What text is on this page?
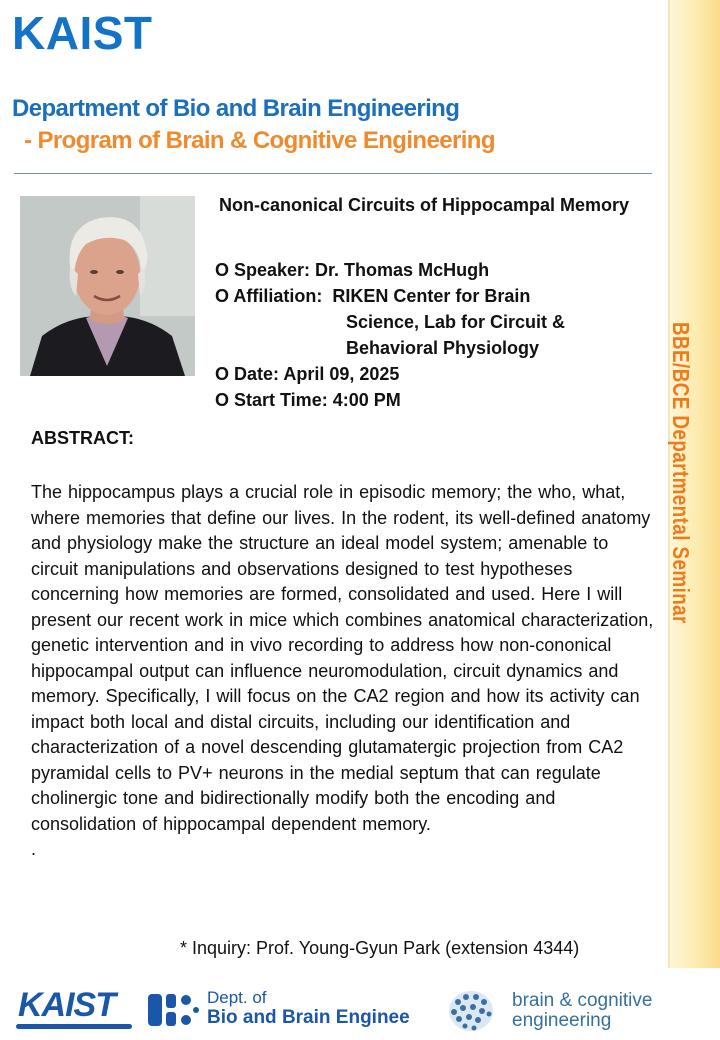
BBE/BCE Departmental Seminar
KAIST
Department of Bio and Brain Engineering
- Program of Brain & Cognitive Engineering

Non-canonical Circuits of Hippocampal Memory

O Speaker: Dr. Thomas McHugh

O Affiliation:  RIKEN Center for Brain

Science, Lab for Circuit &

Behavioral Physiology

O Date: April 09, 2025

O Start Time: 4:00 PM

ABSTRACT:

The hippocampus plays a crucial role in episodic memory; the who, what, where memories that define our lives. In the rodent, its well-defined anatomy and physiology make the structure an ideal model system; amenable to circuit manipulations and observations designed to test hypotheses concerning how memories are formed, consolidated and used. Here I will present our recent work in mice which combines anatomical characterization, genetic intervention and in vivo recording to address how non-cononical hippocampal output can influence neuromodulation, circuit dynamics and memory. Specifically, I will focus on the CA2 region and how its activity can impact both local and distal circuits, including our identification and characterization of a novel descending glutamatergic projection from CA2 pyramidal cells to PV+ neurons in the medial septum that can regulate cholinergic tone and bidirectionally modify both the encoding and consolidation of hippocampal dependent memory.
.

* Inquiry: Prof. Young-Gyun Park (extension 4344)

KAIST	Dept. of
Bio and Brain Enginee
brain & cognitive
engineering
